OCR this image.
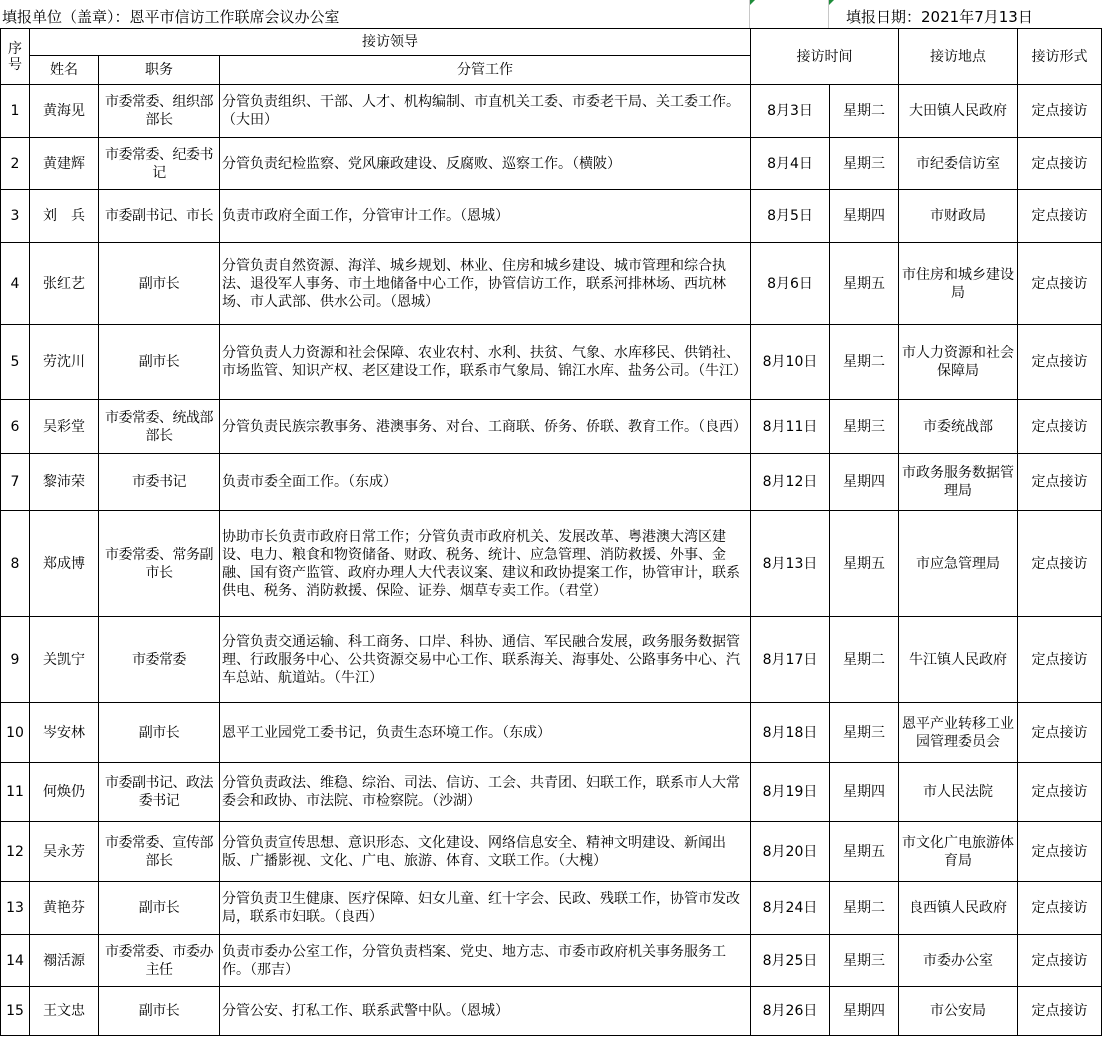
填报单位（盖章）：恩平市信访工作联席会议办公室	填报日期：2021年7月13日
序号	接访领导			接访时间		接访地点	接访形式
	姓名	职务	分管工作				
1	黄海见	市委常委、组织部部长	分管负责组织、干部、人才、机构编制、市直机关工委、市委老干局、关工委工作。（大田）	8月3日	星期二	大田镇人民政府	定点接访
2	黄建辉	市委常委、纪委书记	分管负责纪检监察、党风廉政建设、反腐败、巡察工作。（横陂）	8月4日	星期三	市纪委信访室	定点接访
3	刘　兵	市委副书记、市长	负责市政府全面工作，分管审计工作。（恩城）	8月5日	星期四	市财政局	定点接访
4	张红艺	副市长	分管负责自然资源、海洋、城乡规划、林业、住房和城乡建设、城市管理和综合执法、退役军人事务、市土地储备中心工作，协管信访工作，联系河排林场、西坑林场、市人武部、供水公司。（恩城）	8月6日	星期五	市住房和城乡建设局	定点接访
5	劳沈川	副市长	分管负责人力资源和社会保障、农业农村、水利、扶贫、气象、水库移民、供销社、市场监管、知识产权、老区建设工作，联系市气象局、锦江水库、盐务公司。（牛江）	8月10日	星期二	市人力资源和社会保障局	定点接访
6	吴彩堂	市委常委、统战部部长	分管负责民族宗教事务、港澳事务、对台、工商联、侨务、侨联、教育工作。（良西）	8月11日	星期三	市委统战部	定点接访
7	黎沛荣	市委书记	负责市委全面工作。（东成）	8月12日	星期四	市政务服务数据管理局	定点接访
8	郑成博	市委常委、常务副市长	协助市长负责市政府日常工作；分管负责市政府机关、发展改革、粤港澳大湾区建设、电力、粮食和物资储备、财政、税务、统计、应急管理、消防救援、外事、金融、国有资产监管、政府办理人大代表议案、建议和政协提案工作，协管审计，联系供电、税务、消防救援、保险、证券、烟草专卖工作。（君堂）	8月13日	星期五	市应急管理局	定点接访
9	关凯宁	市委常委	分管负责交通运输、科工商务、口岸、科协、通信、军民融合发展，政务服务数据管理、行政服务中心、公共资源交易中心工作、联系海关、海事处、公路事务中心、汽车总站、航道站。（牛江）	8月17日	星期二	牛江镇人民政府	定点接访
10	岑安林	副市长	恩平工业园党工委书记，负责生态环境工作。（东成）	8月18日	星期三	恩平产业转移工业园管理委员会	定点接访
11	何焕仍	市委副书记、政法委书记	分管负责政法、维稳、综治、司法、信访、工会、共青团、妇联工作，联系市人大常委会和政协、市法院、市检察院。（沙湖）	8月19日	星期四	市人民法院	定点接访
12	吴永芳	市委常委、宣传部部长	分管负责宣传思想、意识形态、文化建设、网络信息安全、精神文明建设、新闻出版、广播影视、文化、广电、旅游、体育、文联工作。（大槐）	8月20日	星期五	市文化广电旅游体育局	定点接访
13	黄艳芬	副市长	分管负责卫生健康、医疗保障、妇女儿童、红十字会、民政、残联工作，协管市发改局，联系市妇联。（良西）	8月24日	星期二	良西镇人民政府	定点接访
14	禤活源	市委常委、市委办主任	负责市委办公室工作，分管负责档案、党史、地方志、市委市政府机关事务服务工作。（那吉）	8月25日	星期三	市委办公室	定点接访
15	王文忠	副市长	分管公安、打私工作、联系武警中队。（恩城）	8月26日	星期四	市公安局	定点接访
